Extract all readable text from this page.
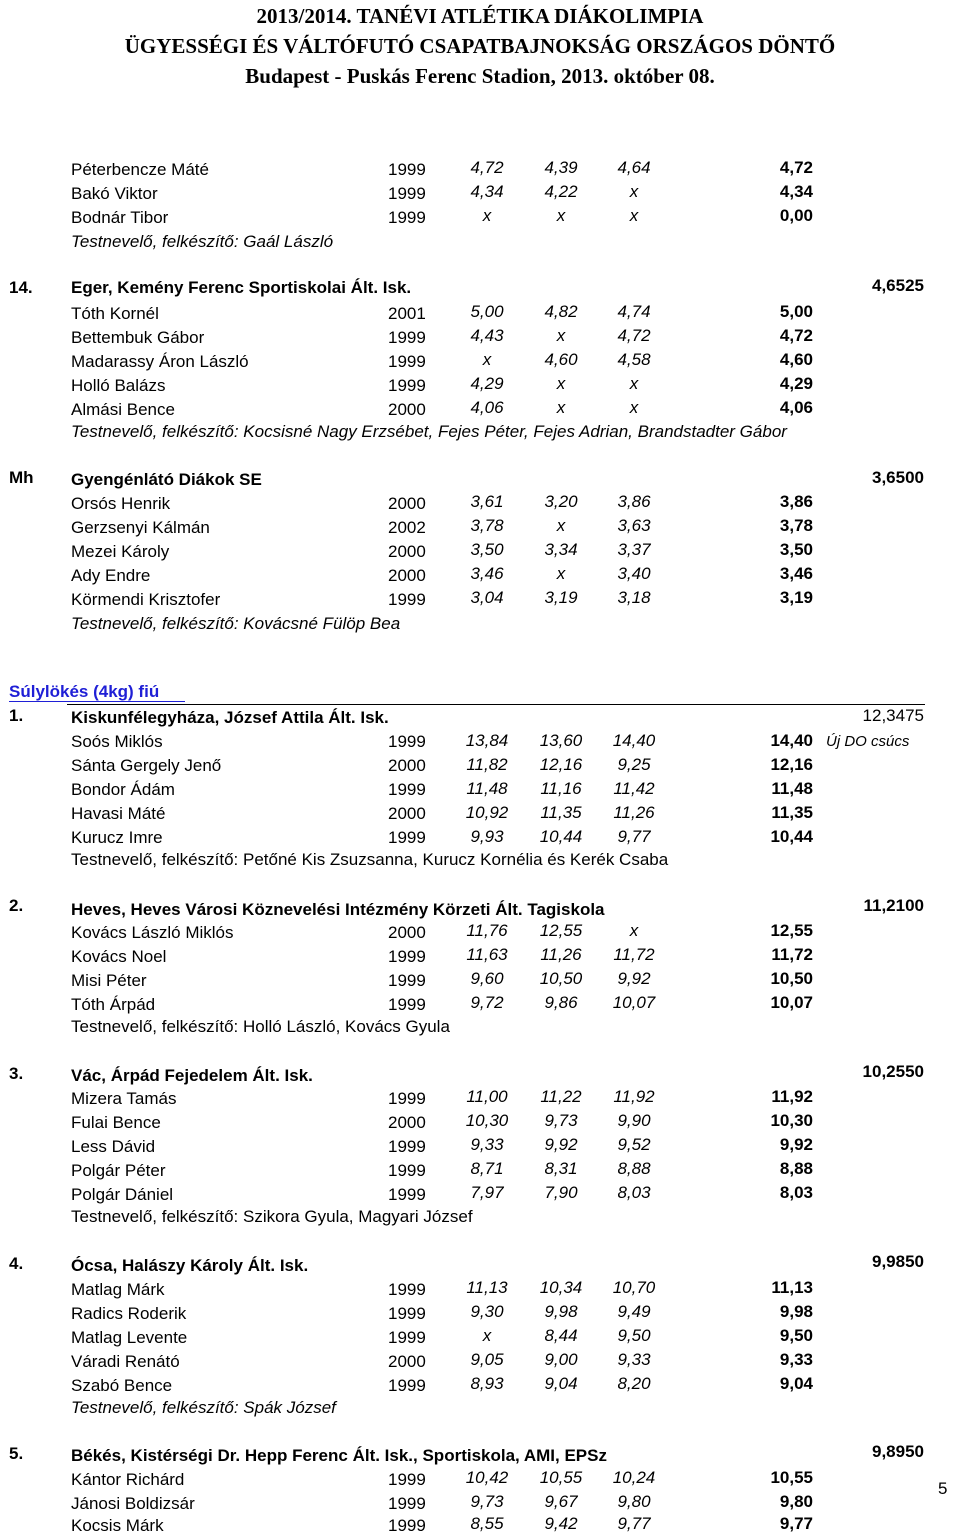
2013/2014. TANÉVI ATLÉTIKA DIÁKOLIMPIA
ÜGYESSÉGI ÉS VÁLTÓFUTÓ CSAPATBAJNOKSÁG ORSZÁGOS DÖNTŐ
Budapest - Puskás Ferenc Stadion, 2013. október 08.
Péterbencze Máté	1999	4,72	4,39	4,64	4,72
Bakó Viktor	1999	4,34	4,22	x	4,34
Bodnár Tibor	1999	x	x	x	0,00
Testnevelő, felkészítő: Gaál László
14. Eger, Kemény Ferenc Sportiskolai Ált. Isk.	4,6525
Tóth Kornél	2001	5,00	4,82	4,74	5,00
Bettembuk Gábor	1999	4,43	x	4,72	4,72
Madarassy Áron László	1999	x	4,60	4,58	4,60
Holló Balázs	1999	4,29	x	x	4,29
Almási Bence	2000	4,06	x	x	4,06
Testnevelő, felkészítő: Kocsisné Nagy Erzsébet, Fejes Péter, Fejes Adrian, Brandstadter Gábor
Mh Gyengénlátó Diákok SE	3,6500
Orsós Henrik	2000	3,61	3,20	3,86	3,86
Gerzsenyi Kálmán	2002	3,78	x	3,63	3,78
Mezei Károly	2000	3,50	3,34	3,37	3,50
Ady Endre	2000	3,46	x	3,40	3,46
Körmendi Krisztofer	1999	3,04	3,19	3,18	3,19
Testnevelő, felkészítő: Kovácsné Fülöp Bea
Súlylökés (4kg) fiú
1.	Kiskunfélegyháza, József Attila Ált. Isk.	12,3475
Soós Miklós	1999	13,84	13,60	14,40	14,40 Új DO csúcs
Sánta Gergely Jenő	2000	11,82	12,16	9,25	12,16
Bondor Ádám	1999	11,48	11,16	11,42	11,48
Havasi Máté	2000	10,92	11,35	11,26	11,35
Kurucz Imre	1999	9,93	10,44	9,77	10,44
Testnevelő, felkészítő: Petőné Kis Zsuzsanna, Kurucz Kornélia és Kerék Csaba
2.	Heves, Heves Városi Köznevelési Intézmény Körzeti Ált. Tagiskola	11,2100
Kovács László Miklós	2000	11,76	12,55	x	12,55
Kovács Noel	1999	11,63	11,26	11,72	11,72
Misi Péter	1999	9,60	10,50	9,92	10,50
Tóth Árpád	1999	9,72	9,86	10,07	10,07
Testnevelő, felkészítő: Holló László, Kovács Gyula
3.	Vác, Árpád Fejedelem Ált. Isk.	10,2550
Mizera Tamás	1999	11,00	11,22	11,92	11,92
Fulai Bence	2000	10,30	9,73	9,90	10,30
Less Dávid	1999	9,33	9,92	9,52	9,92
Polgár Péter	1999	8,71	8,31	8,88	8,88
Polgár Dániel	1999	7,97	7,90	8,03	8,03
Testnevelő, felkészítő: Szikora Gyula, Magyari József
4.	Ócsa, Halászy Károly Ált. Isk.	9,9850
Matlag Márk	1999	11,13	10,34	10,70	11,13
Radics Roderik	1999	9,30	9,98	9,49	9,98
Matlag Levente	1999	x	8,44	9,50	9,50
Váradi Renátó	2000	9,05	9,00	9,33	9,33
Szabó Bence	1999	8,93	9,04	8,20	9,04
Testnevelő, felkészítő: Spák József
5.	Békés, Kistérségi Dr. Hepp Ferenc Ált. Isk., Sportiskola, AMI, EPSz	9,8950
Kántor Richárd	1999	10,42	10,55	10,24	10,55
Jánosi Boldizsár	1999	9,73	9,67	9,80	9,80
Kocsis Márk	1999	8,55	9,42	9,77	9,77
5
